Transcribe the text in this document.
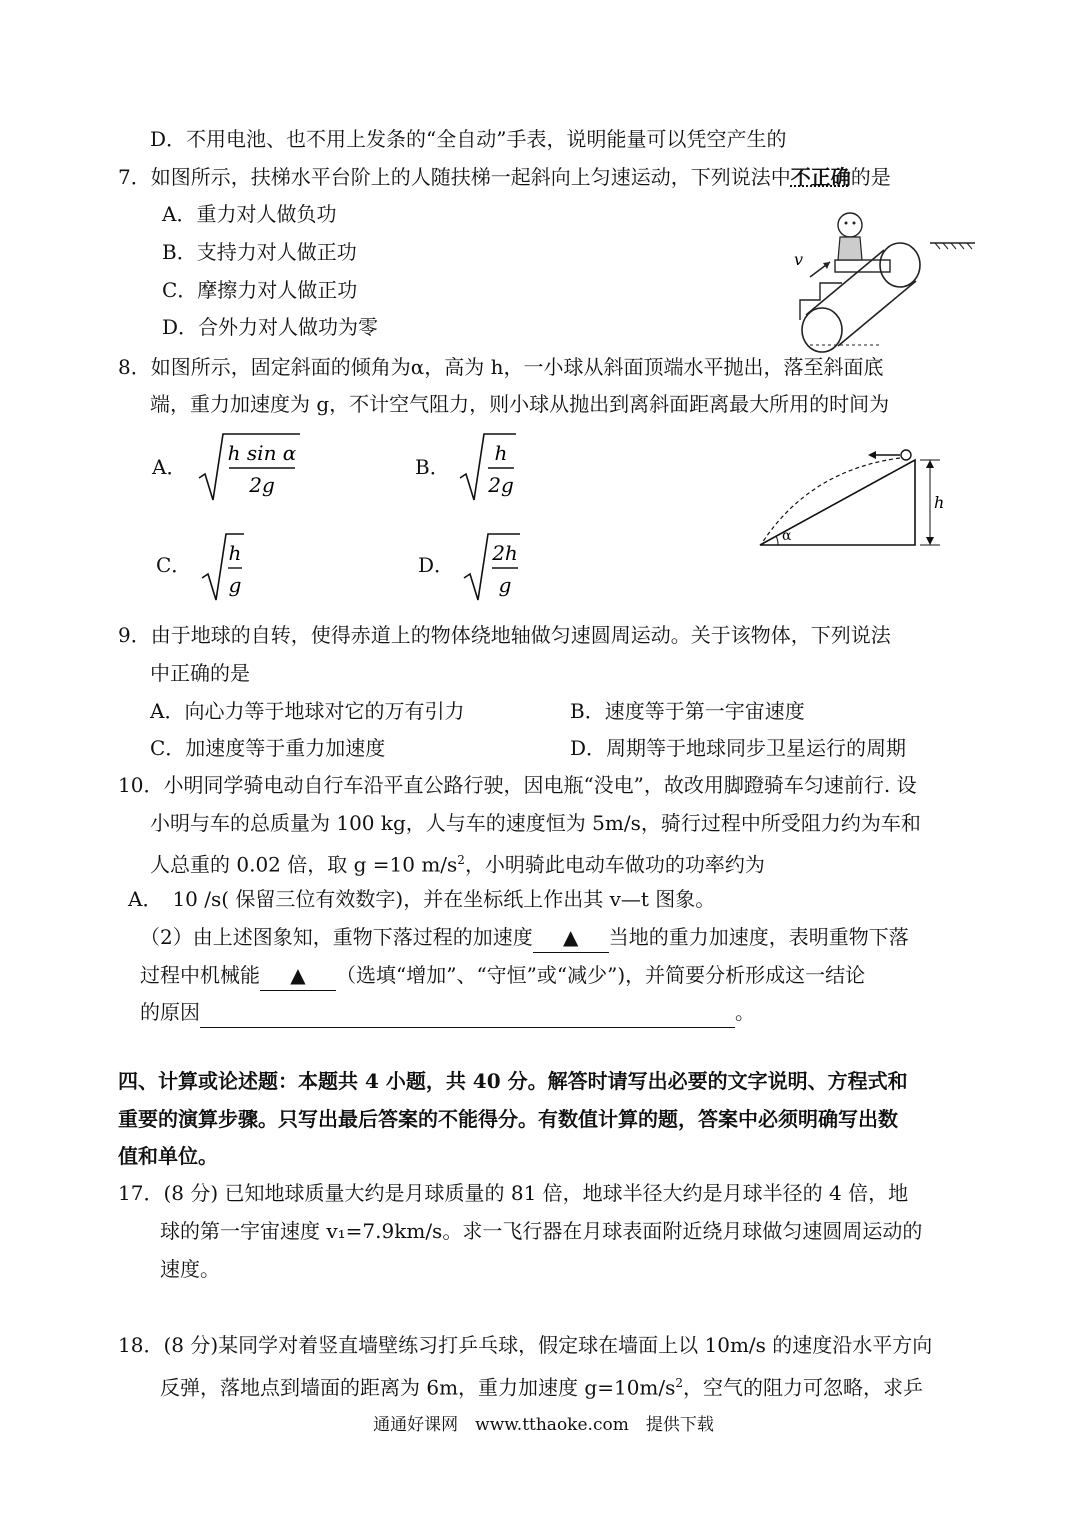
D．不用电池、也不用上发条的“全自动”手表，说明能量可以凭空产生的
7．如图所示，扶梯水平台阶上的人随扶梯一起斜向上匀速运动，下列说法中不正确的是
A．重力对人做负功
B．支持力对人做正功
C．摩擦力对人做正功
D．合外力对人做功为零
v
8．如图所示，固定斜面的倾角为α，高为 h，一小球从斜面顶端水平抛出，落至斜面底
端，重力加速度为 g，不计空气阻力，则小球从抛出到离斜面距离最大所用的时间为
A．
h sin α
2g
B．
h
2g
C． h
g
D． 2h
g
α
h
9．由于地球的自转，使得赤道上的物体绕地轴做匀速圆周运动。关于该物体，下列说法
中正确的是
A．向心力等于地球对它的万有引力	B．速度等于第一宇宙速度
C．加速度等于重力加速度	D．周期等于地球同步卫星运行的周期
10．小明同学骑电动自行车沿平直公路行驶，因电瓶“没电”，故改用脚蹬骑车匀速前行. 设
小明与车的总质量为 100 kg，人与车的速度恒为 5m/s，骑行过程中所受阻力约为车和
人总重的 0.02 倍，取 g =10 $m/s^2$，小明骑此电动车做功的功率约为
A．　10 /s( 保留三位有效数字)，并在坐标纸上作出其 v—t 图象。
（2）由上述图象知，重物下落过程的加速度 ▲ 当地的重力加速度，表明重物下落
过程中机械能 ▲ （选填“增加”、“守恒”或“减少”)，并简要分析形成这一结论
的原因	。
四、计算或论述题：本题共 4 小题，共 40 分。解答时请写出必要的文字说明、方程式和
重要的演算步骤。只写出最后答案的不能得分。有数值计算的题，答案中必须明确写出数
值和单位。
17．(8 分) 已知地球质量大约是月球质量的 81 倍，地球半径大约是月球半径的 4 倍，地
球的第一宇宙速度 v₁=7.9km/s。求一飞行器在月球表面附近绕月球做匀速圆周运动的
速度。
18．(8 分)某同学对着竖直墙壁练习打乒乓球，假定球在墙面上以 10m/s 的速度沿水平方向
反弹，落地点到墙面的距离为 6m，重力加速度 $g=10m/s^2$，空气的阻力可忽略，求乒
通通好课网　www.tthaoke.com　提供下载
